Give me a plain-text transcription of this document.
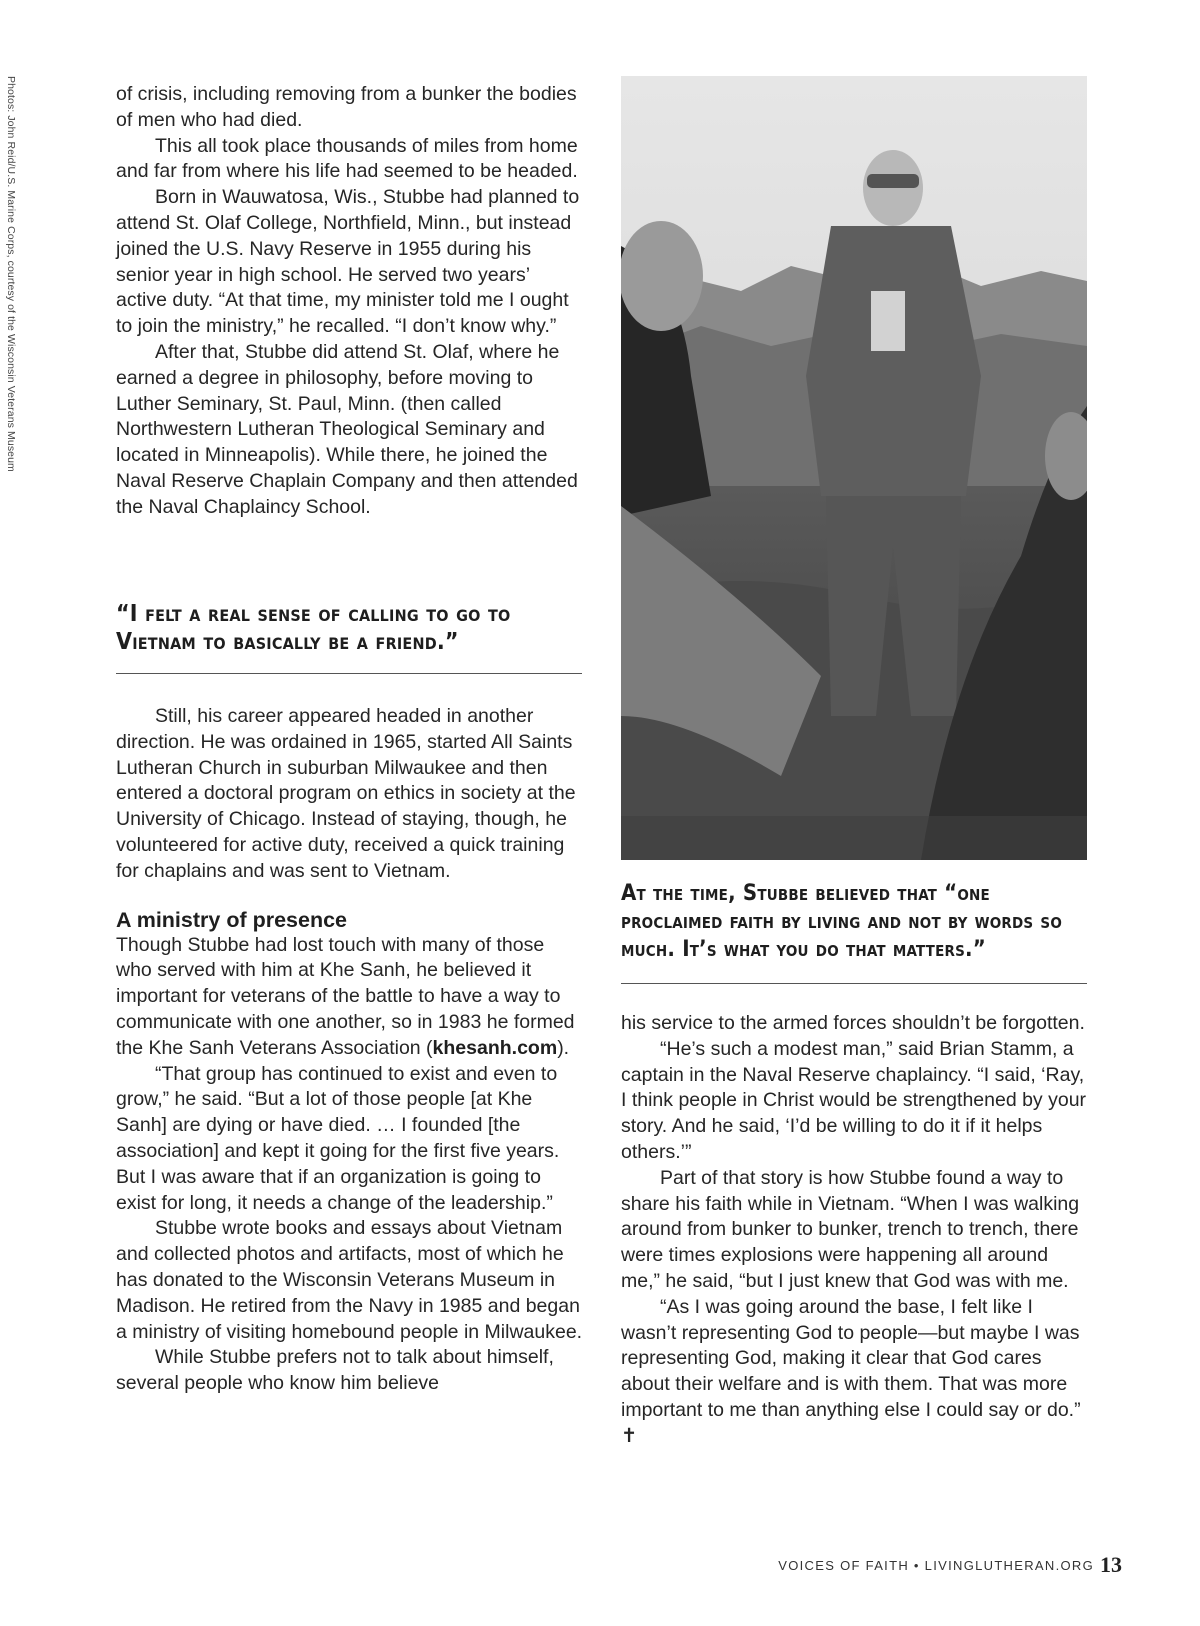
Photos: John Reid/U.S. Marine Corps, courtesy of the Wisconsin Veterans Museum	of crisis, including removing from a bunker the bodies of men who had died.

This all took place thousands of miles from home and far from where his life had seemed to be headed.

Born in Wauwatosa, Wis., Stubbe had planned to attend St. Olaf College, Northfield, Minn., but instead joined the U.S. Navy Reserve in 1955 during his senior year in high school. He served two years’ active duty. “At that time, my minister told me I ought to join the ministry,” he recalled. “I don’t know why.”

After that, Stubbe did attend St. Olaf, where he earned a degree in philosophy, before moving to Luther Seminary, St. Paul, Minn. (then called Northwestern Lutheran Theological Seminary and located in Minneapolis). While there, he joined the Naval Reserve Chaplain Company and then attended the Naval Chaplaincy School.

“I felt a real sense of calling to go to Vietnam to basically be a friend.”

Still, his career appeared headed in another direction. He was ordained in 1965, started All Saints Lutheran Church in suburban Milwaukee and then entered a doctoral program on ethics in society at the University of Chicago. Instead of staying, though, he volunteered for active duty, received a quick training for chaplains and was sent to Vietnam.

A ministry of presence

Though Stubbe had lost touch with many of those who served with him at Khe Sanh, he believed it important for veterans of the battle to have a way to communicate with one another, so in 1983 he formed the Khe Sanh Veterans Association (khesanh.com).

“That group has continued to exist and even to grow,” he said. “But a lot of those people [at Khe Sanh] are dying or have died. … I founded [the association] and kept it going for the first five years. But I was aware that if an organization is going to exist for long, it needs a change of the leadership.”

Stubbe wrote books and essays about Vietnam and collected photos and artifacts, most of which he has donated to the Wisconsin Veterans Museum in Madison. He retired from the Navy in 1985 and began a ministry of visiting homebound people in Milwaukee.

While Stubbe prefers not to talk about himself, several people who know him believe

At the time, Stubbe believed that “one proclaimed faith by living and not by words so much. It’s what you do that matters.”

his service to the armed forces shouldn’t be forgotten.

“He’s such a modest man,” said Brian Stamm, a captain in the Naval Reserve chaplaincy. “I said, ‘Ray, I think people in Christ would be strengthened by your story. And he said, ‘I’d be willing to do it if it helps others.’”

Part of that story is how Stubbe found a way to share his faith while in Vietnam. “When I was walking around from bunker to bunker, trench to trench, there were times explosions were happening all around me,” he said, “but I just knew that God was with me.

“As I was going around the base, I felt like I wasn’t representing God to people—but maybe I was representing God, making it clear that God cares about their welfare and is with them. That was more important to me than anything else I could say or do.” ✝

VOICES OF FAITH • LIVINGLUTHERAN.ORG 13
